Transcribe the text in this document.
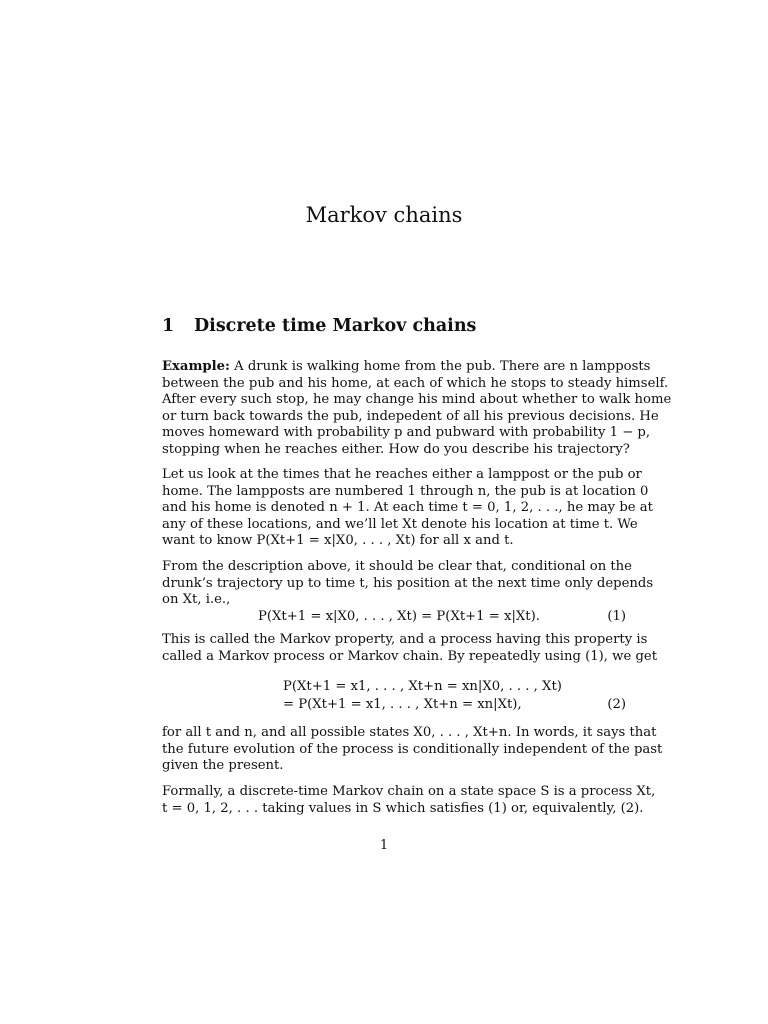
Markov chains
1 Discrete time Markov chains

Example: A drunk is walking home from the pub. There are n lampposts
between the pub and his home, at each of which he stops to steady himself.
After every such stop, he may change his mind about whether to walk home
or turn back towards the pub, indepedent of all his previous decisions. He
moves homeward with probability p and pubward with probability 1 − p,
stopping when he reaches either. How do you describe his trajectory?

Let us look at the times that he reaches either a lamppost or the pub or
home. The lampposts are numbered 1 through n, the pub is at location 0
and his home is denoted n + 1. At each time t = 0, 1, 2, . . ., he may be at
any of these locations, and we’ll let Xt denote his location at time t. We
want to know P(Xt+1 = x|X0, . . . , Xt) for all x and t.

From the description above, it should be clear that, conditional on the
drunk’s trajectory up to time t, his position at the next time only depends
on Xt, i.e.,

P(Xt+1 = x|X0, . . . , Xt) = P(Xt+1 = x|Xt).	(1)

This is called the Markov property, and a process having this property is
called a Markov process or Markov chain. By repeatedly using (1), we get

P(Xt+1 = x1, . . . , Xt+n = xn|X0, . . . , Xt)
= P(Xt+1 = x1, . . . , Xt+n = xn|Xt),	(2)

for all t and n, and all possible states X0, . . . , Xt+n. In words, it says that
the future evolution of the process is conditionally independent of the past
given the present.

Formally, a discrete-time Markov chain on a state space S is a process Xt,
t = 0, 1, 2, . . . taking values in S which satisfies (1) or, equivalently, (2).

1
